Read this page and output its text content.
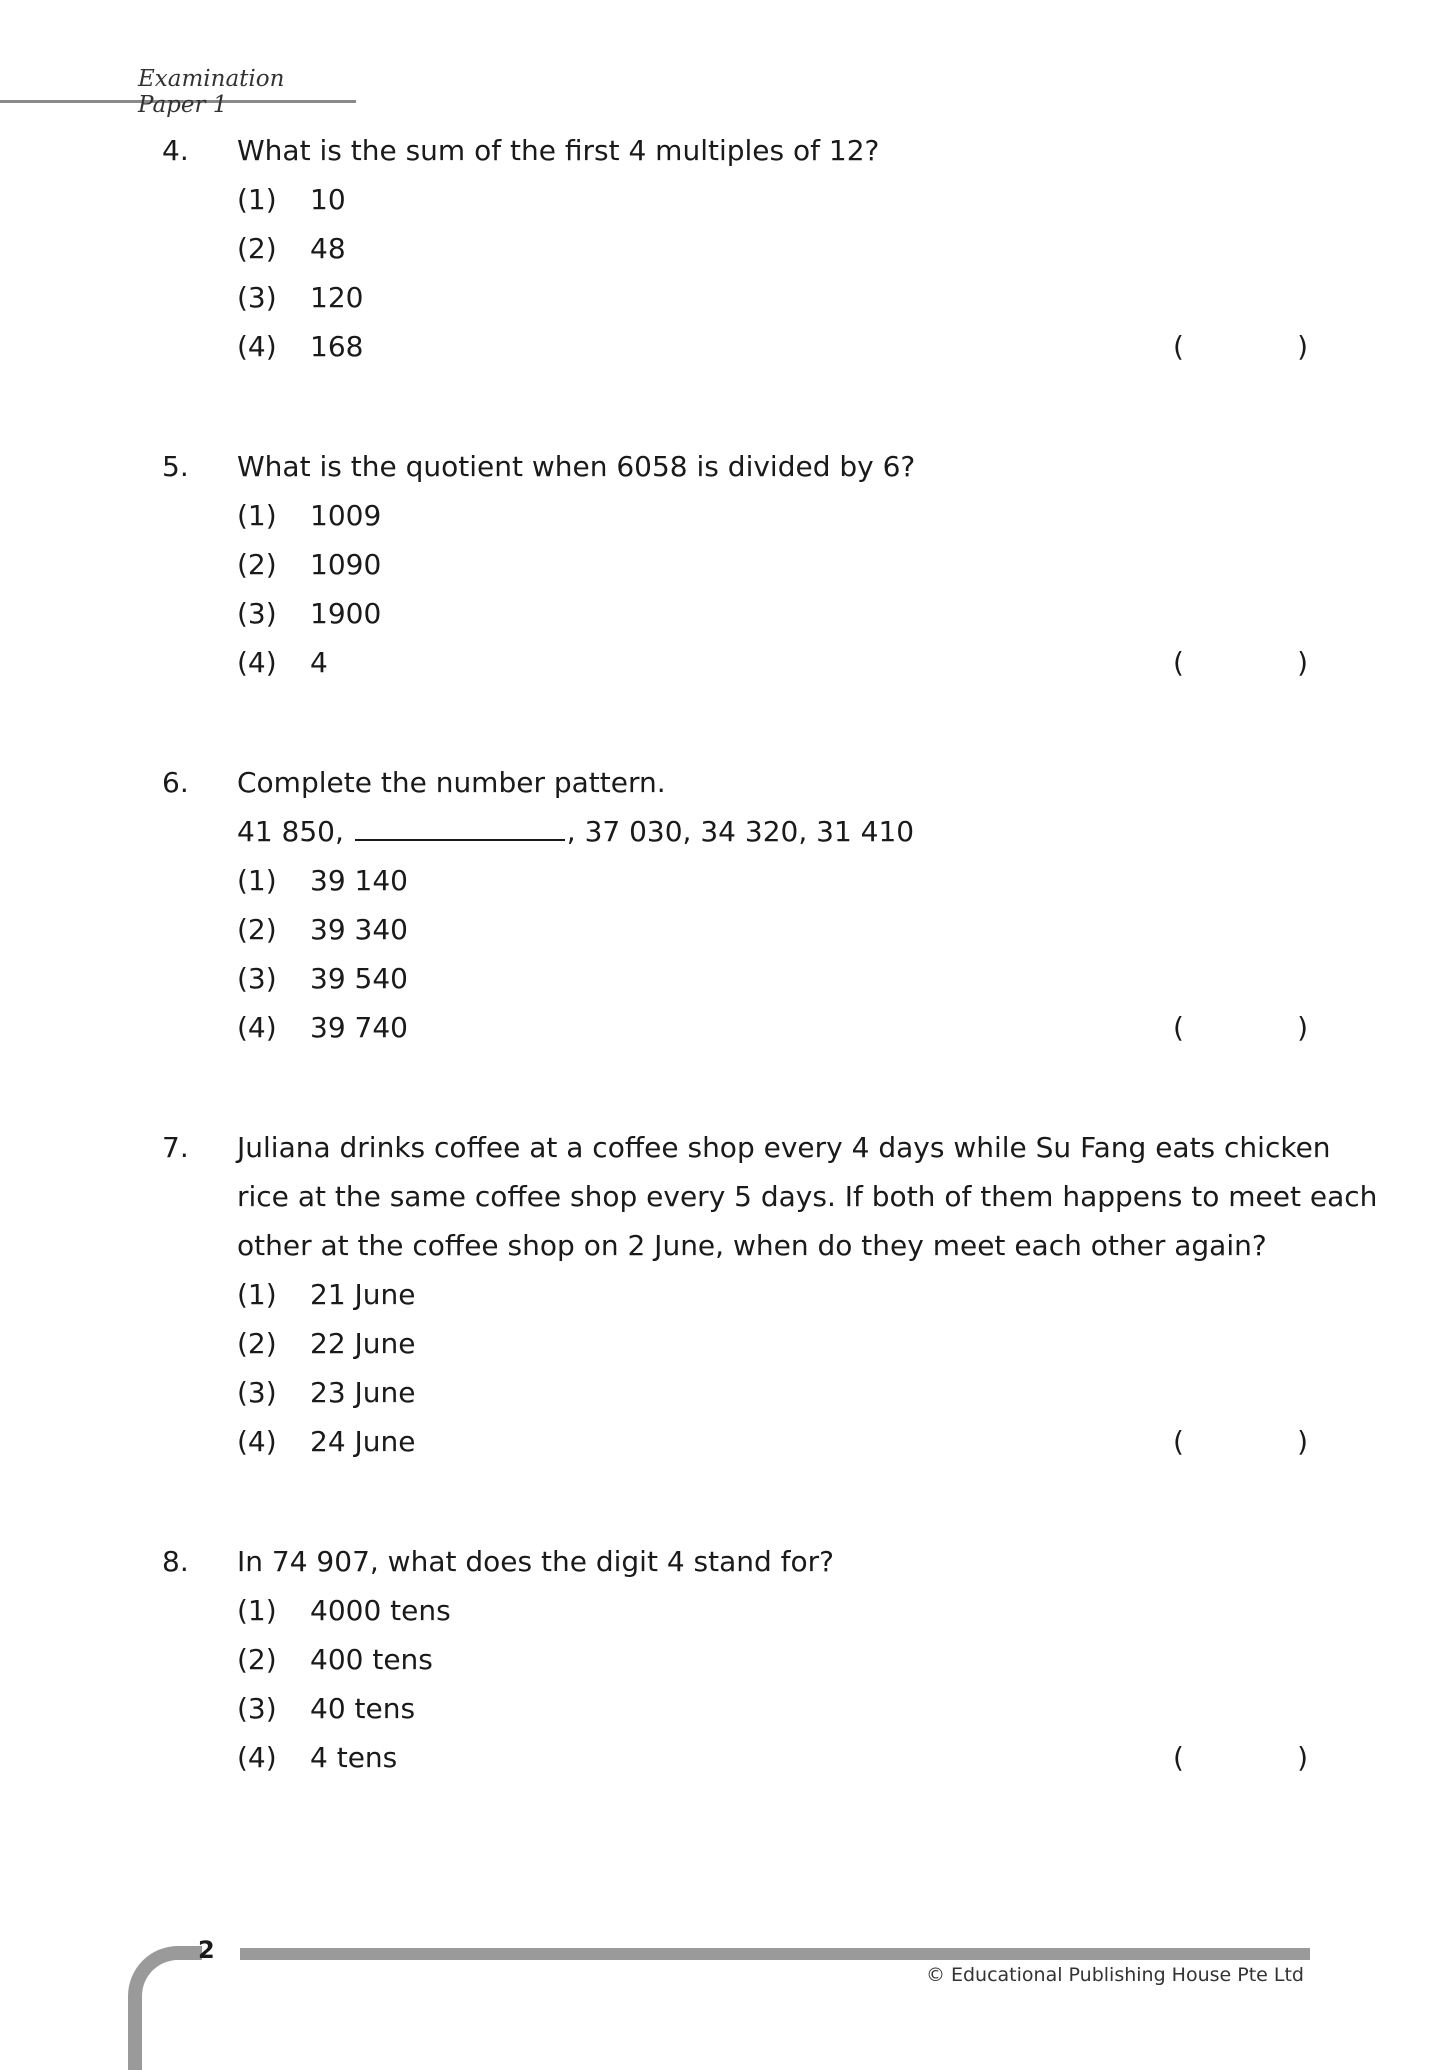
Examination Paper 1
4. What is the sum of the first 4 multiples of 12?
(1) 10
(2) 48
(3) 120
(4) 168	(	)
5. What is the quotient when 6058 is divided by 6?
(1) 1009
(2) 1090
(3) 1900
(4) 4	(	)
6. Complete the number pattern.
41 850,	, 37 030, 34 320, 31 410
(1) 39 140
(2) 39 340
(3) 39 540
(4) 39 740	(	)
7. Juliana drinks coffee at a coffee shop every 4 days while Su Fang eats chicken
rice at the same coffee shop every 5 days. If both of them happens to meet each
other at the coffee shop on 2 June, when do they meet each other again?
(1) 21 June
(2) 22 June
(3) 23 June
(4) 24 June	(	)
8. In 74 907, what does the digit 4 stand for?
(1) 4000 tens
(2) 400 tens
(3) 40 tens
(4) 4 tens	(	)
2
© Educational Publishing House Pte Ltd
